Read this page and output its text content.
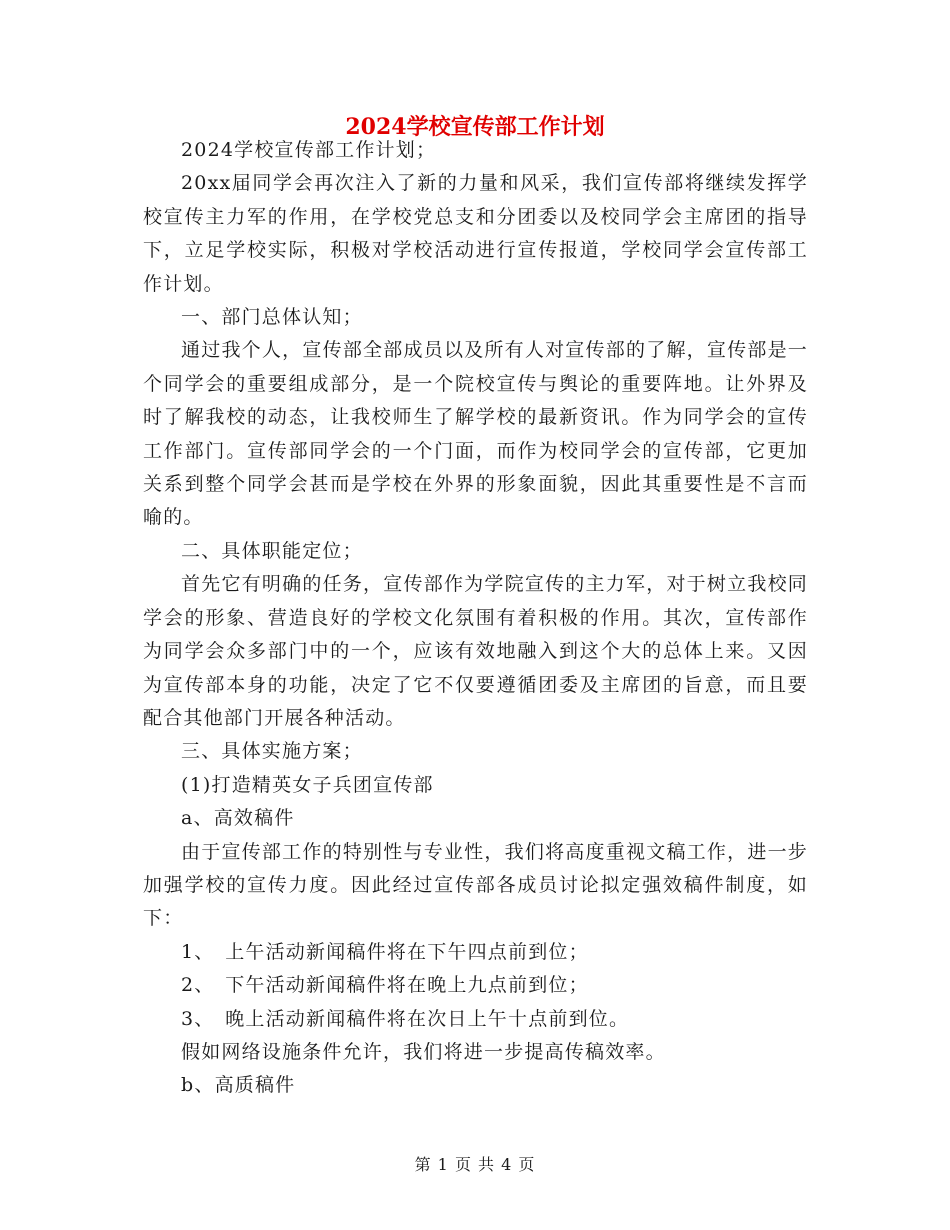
2024学校宣传部工作计划

2024学校宣传部工作计划；

20xx届同学会再次注入了新的力量和风采，我们宣传部将继续发挥学校宣传主力军的作用，在学校党总支和分团委以及校同学会主席团的指导下，立足学校实际，积极对学校活动进行宣传报道，学校同学会宣传部工作计划。

一、部门总体认知；

通过我个人，宣传部全部成员以及所有人对宣传部的了解，宣传部是一个同学会的重要组成部分，是一个院校宣传与舆论的重要阵地。让外界及时了解我校的动态，让我校师生了解学校的最新资讯。作为同学会的宣传工作部门。宣传部同学会的一个门面，而作为校同学会的宣传部，它更加关系到整个同学会甚而是学校在外界的形象面貌，因此其重要性是不言而喻的。

二、具体职能定位；

首先它有明确的任务，宣传部作为学院宣传的主力军，对于树立我校同学会的形象、营造良好的学校文化氛围有着积极的作用。其次，宣传部作为同学会众多部门中的一个，应该有效地融入到这个大的总体上来。又因为宣传部本身的功能，决定了它不仅要遵循团委及主席团的旨意，而且要配合其他部门开展各种活动。

三、具体实施方案；

(1)打造精英女子兵团宣传部

a、高效稿件

由于宣传部工作的特别性与专业性，我们将高度重视文稿工作，进一步加强学校的宣传力度。因此经过宣传部各成员讨论拟定强效稿件制度，如下：

1、　上午活动新闻稿件将在下午四点前到位；

2、　下午活动新闻稿件将在晚上九点前到位；

3、　晚上活动新闻稿件将在次日上午十点前到位。

假如网络设施条件允许，我们将进一步提高传稿效率。

b、高质稿件

第 1 页 共 4 页
